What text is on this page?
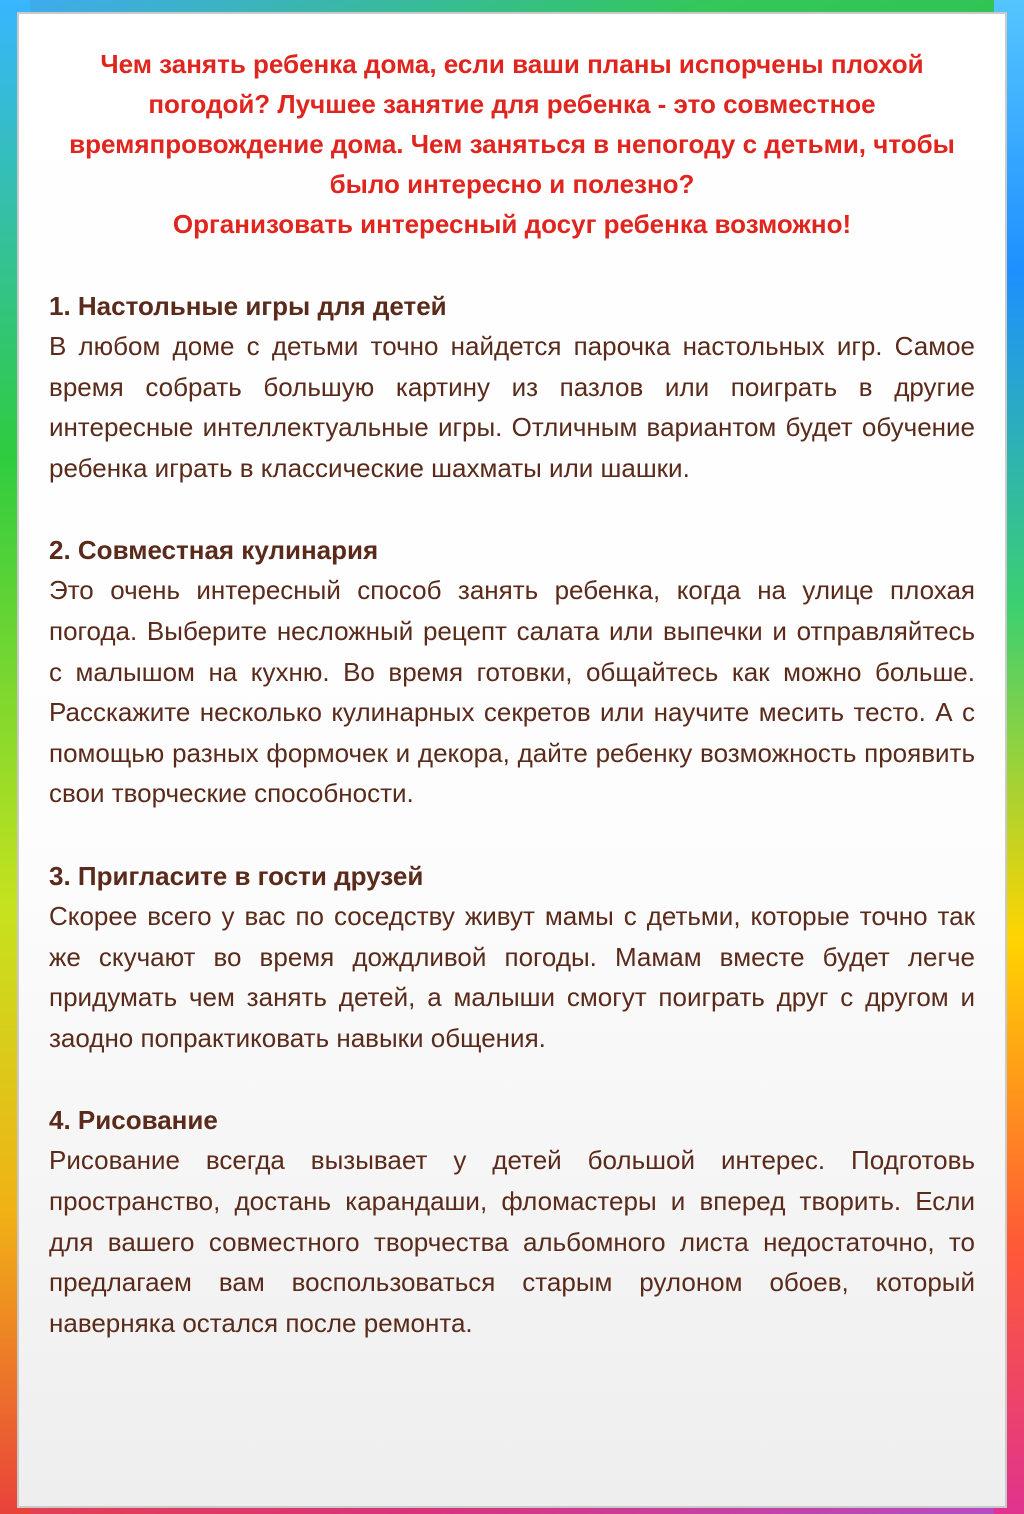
Чем занять ребенка дома, если ваши планы испорчены плохой погодой? Лучшее занятие для ребенка - это совместное времяпровождение дома. Чем заняться в непогоду с детьми, чтобы было интересно и полезно?

Организовать интересный досуг ребенка возможно!

1. Настольные игры для детей

В любом доме с детьми точно найдется парочка настольных игр. Самое время собрать большую картину из пазлов или поиграть в другие интересные интеллектуальные игры. Отличным вариантом будет обучение ребенка играть в классические шахматы или шашки.

2. Совместная кулинария

Это очень интересный способ занять ребенка, когда на улице плохая погода. Выберите несложный рецепт салата или выпечки и отправляйтесь с малышом на кухню. Во время готовки, общайтесь как можно больше. Расскажите несколько кулинарных секретов или научите месить тесто. А с помощью разных формочек и декора, дайте ребенку возможность проявить свои творческие способности.

3. Пригласите в гости друзей

Скорее всего у вас по соседству живут мамы с детьми, которые точно так же скучают во время дождливой погоды. Мамам вместе будет легче придумать чем занять детей, а малыши смогут поиграть друг с другом и заодно попрактиковать навыки общения.

4. Рисование

Рисование всегда вызывает у детей большой интерес. Подготовь пространство, достань карандаши, фломастеры и вперед творить. Если для вашего совместного творчества альбомного листа недостаточно, то предлагаем вам воспользоваться старым рулоном обоев, который наверняка остался после ремонта.
